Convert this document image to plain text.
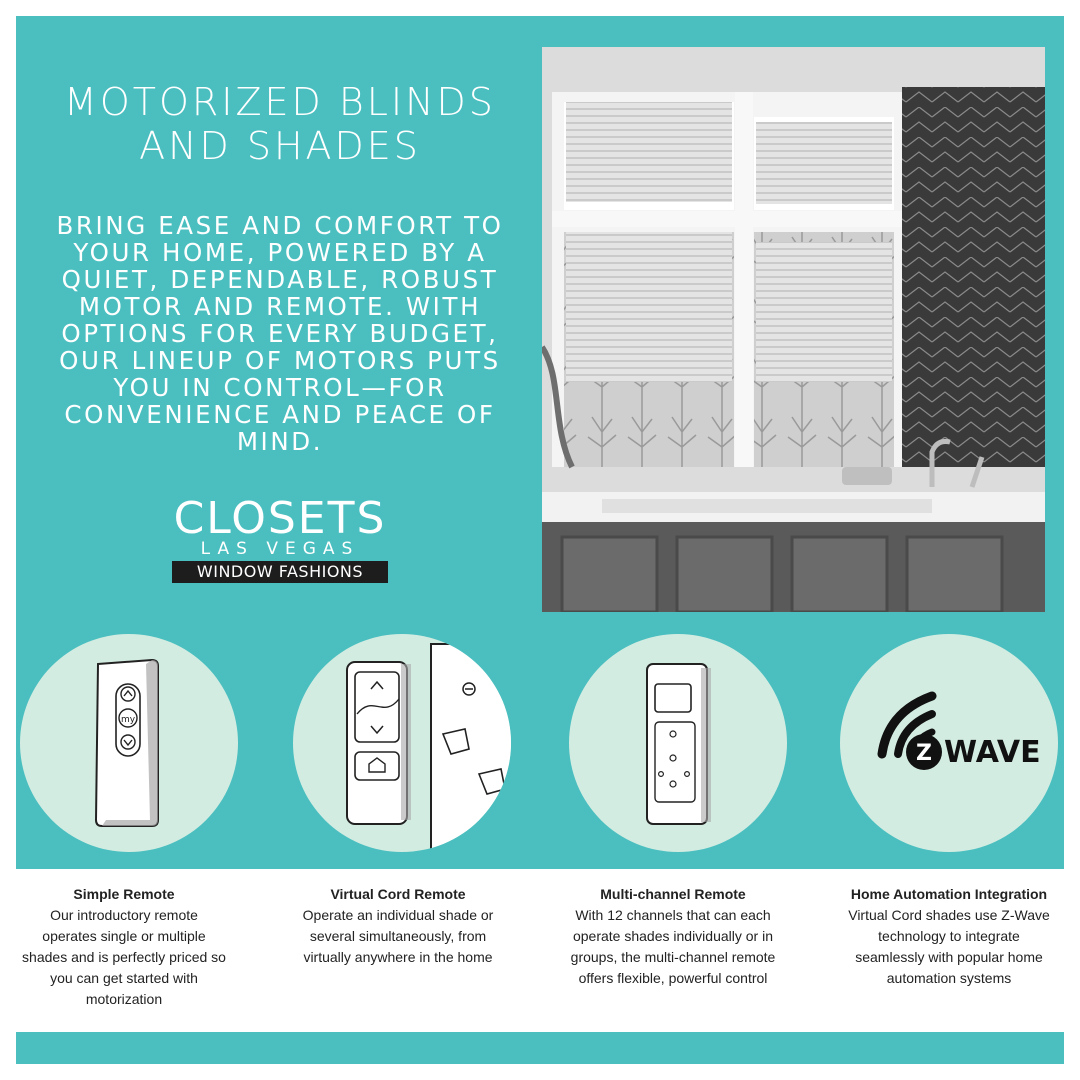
MOTORIZED BLINDS AND SHADES
BRING EASE AND COMFORT TO YOUR HOME, POWERED BY A QUIET, DEPENDABLE, ROBUST MOTOR AND REMOTE. WITH OPTIONS FOR EVERY BUDGET, OUR LINEUP OF MOTORS PUTS YOU IN CONTROL—FOR CONVENIENCE AND PEACE OF MIND.
CLOSETS
LAS VEGAS
WINDOW FASHIONS
my
Z WAVE
Simple Remote
Our introductory remote operates single or multiple shades and is perfectly priced so you can get started with motorization
Virtual Cord Remote
Operate an individual shade or several simultaneously, from virtually anywhere in the home
Multi-channel Remote
With 12 channels that can each operate shades individually or in groups, the multi-channel remote offers flexible, powerful control
Home Automation Integration
Virtual Cord shades use Z-Wave technology to integrate seamlessly with popular home automation systems
